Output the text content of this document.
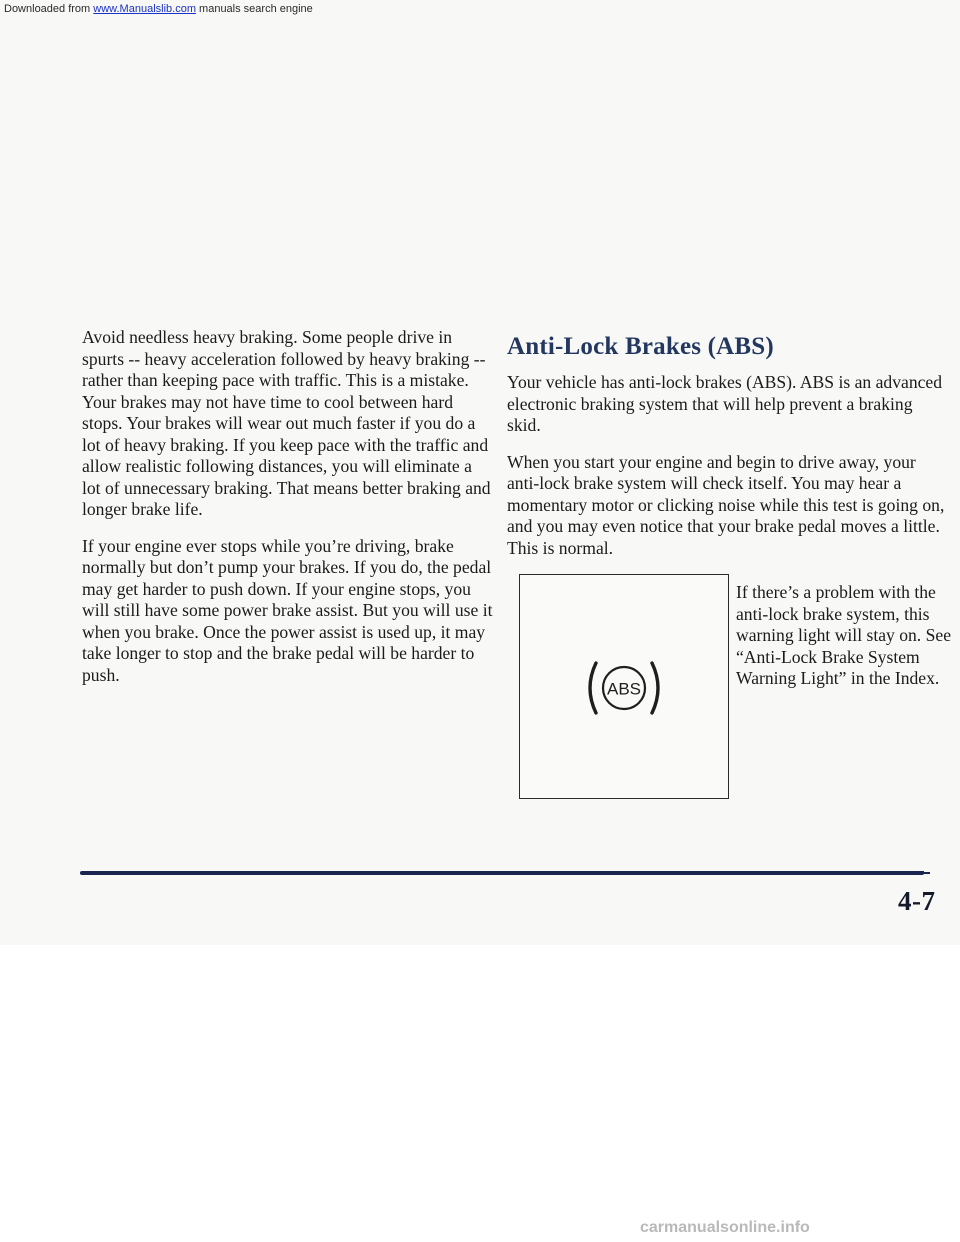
Avoid needless heavy braking. Some people drive in spurts -- heavy acceleration followed by heavy braking -- rather than keeping pace with traffic. This is a mistake. Your brakes may not have time to cool between hard stops. Your brakes will wear out much faster if you do a lot of heavy braking. If you keep pace with the traffic and allow realistic following distances, you will eliminate a lot of unnecessary braking. That means better braking and longer brake life.

If your engine ever stops while you’re driving, brake normally but don’t pump your brakes. If you do, the pedal may get harder to push down. If your engine stops, you will still have some power brake assist. But you will use it when you brake. Once the power assist is used up, it may take longer to stop and the brake pedal will be harder to push.

Anti-Lock Brakes (ABS)

Your vehicle has anti-lock brakes (ABS). ABS is an advanced electronic braking system that will help prevent a braking skid.

When you start your engine and begin to drive away, your anti-lock brake system will check itself. You may hear a momentary motor or clicking noise while this test is going on, and you may even notice that your brake pedal moves a little. This is normal.

ABS

If there’s a problem with the anti-lock brake system, this warning light will stay on. See “Anti-Lock Brake System Warning Light” in the Index.

4-7
Downloaded from www.Manualslib.com manuals search engine
carmanualsonline.info
